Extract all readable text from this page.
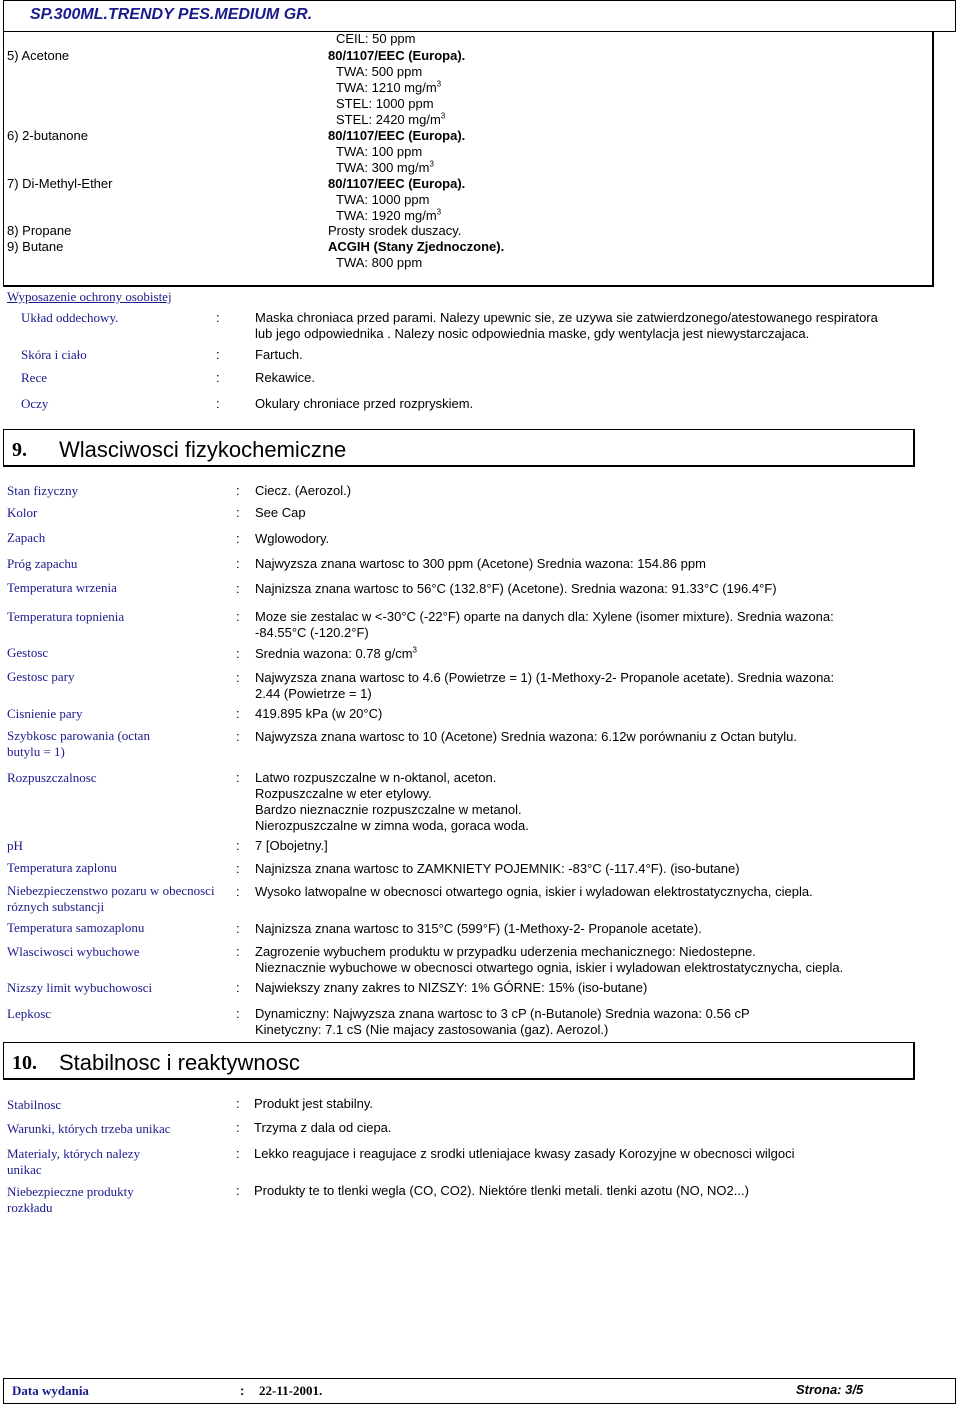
SP.300ML.TRENDY PES.MEDIUM GR.
CEIL: 50 ppm
5) Acetone	80/1107/EEC (Europa).
TWA: 500 ppm
TWA: 1210 $mg/m^3$
STEL: 1000 ppm
STEL: 2420 $mg/m^3$
6) 2-butanone	80/1107/EEC (Europa).
TWA: 100 ppm
TWA: 300 $mg/m^3$
7) Di-Methyl-Ether	80/1107/EEC (Europa).
TWA: 1000 ppm
TWA: 1920 $mg/m^3$
8) Propane	Prosty srodek duszacy.
9) Butane	ACGIH (Stany Zjednoczone).
TWA: 800 ppm
Wyposazenie ochrony osobistej
Układ oddechowy.	:	Maska chroniaca przed parami. Nalezy upewnic sie, ze uzywa sie zatwierdzonego/atestowanego respiratora
lub jego odpowiednika . Nalezy nosic odpowiednia maske, gdy wentylacja jest niewystarczajaca.
Skóra i ciało	:	Fartuch.
Rece	:	Rekawice.
Oczy	:	Okulary chroniace przed rozpryskiem.
9. Wlasciwosci fizykochemiczne
Stan fizyczny	: Ciecz. (Aerozol.)
Kolor	: See Cap
Zapach	: Wglowodory.
Próg zapachu	: Najwyzsza znana wartosc to 300 ppm (Acetone) Srednia wazona: 154.86 ppm
Temperatura wrzenia	: Najnizsza znana wartosc to 56°C (132.8°F) (Acetone). Srednia wazona: 91.33°C (196.4°F)
Temperatura topnienia	: Moze sie zestalac w <-30°C (-22°F) oparte na danych dla: Xylene (isomer mixture). Srednia wazona:
-84.55°C (-120.2°F)
Gestosc	: Srednia wazona: 0.78 $g/cm^3$
Gestosc pary	: Najwyzsza znana wartosc to 4.6 (Powietrze = 1) (1-Methoxy-2- Propanole acetate). Srednia wazona:
2.44 (Powietrze = 1)
Cisnienie pary	: 419.895 kPa (w 20°C)
Szybkosc parowania (octan
butylu = 1)
: Najwyzsza znana wartosc to 10 (Acetone) Srednia wazona: 6.12w porównaniu z Octan butylu.
Rozpuszczalnosc	: Latwo rozpuszczalne w n-oktanol, aceton.
Rozpuszczalne w eter etylowy.
Bardzo nieznacznie rozpuszczalne w metanol.
Nierozpuszczalne w zimna woda, goraca woda.
pH	: 7 [Obojetny.]
Temperatura zaplonu	: Najnizsza znana wartosc to ZAMKNIETY POJEMNIK: -83°C (-117.4°F). (iso-butane)
Niebezpieczenstwo pozaru w obecnosci
róznych substancji
: Wysoko latwopalne w obecnosci otwartego ognia, iskier i wyladowan elektrostatycznycha, ciepla.
Temperatura samozaplonu	: Najnizsza znana wartosc to 315°C (599°F) (1-Methoxy-2- Propanole acetate).
Wlasciwosci wybuchowe	: Zagrozenie wybuchem produktu w przypadku uderzenia mechanicznego: Niedostepne.
Nieznacznie wybuchowe w obecnosci otwartego ognia, iskier i wyladowan elektrostatycznycha, ciepla.
Nizszy limit wybuchowosci	: Najwiekszy znany zakres to NIZSZY: 1% GÓRNE: 15% (iso-butane)
Lepkosc	: Dynamiczny: Najwyzsza znana wartosc to 3 cP (n-Butanole) Srednia wazona: 0.56 cP
Kinetyczny: 7.1 cS (Nie majacy zastosowania (gaz). Aerozol.)
10. Stabilnosc i reaktywnosc
Stabilnosc	: Produkt jest stabilny.
Warunki, których trzeba unikac	: Trzyma z dala od ciepa.
Materialy, których nalezy
unikac
: Lekko reagujace i reagujace z srodki utleniajace kwasy zasady Korozyjne w obecnosci wilgoci
Niebezpieczne produkty
rozkładu
: Produkty te to tlenki wegla (CO, CO2). Niektóre tlenki metali. tlenki azotu (NO, NO2...)
Data wydania	: 22-11-2001.	Strona: 3/5
